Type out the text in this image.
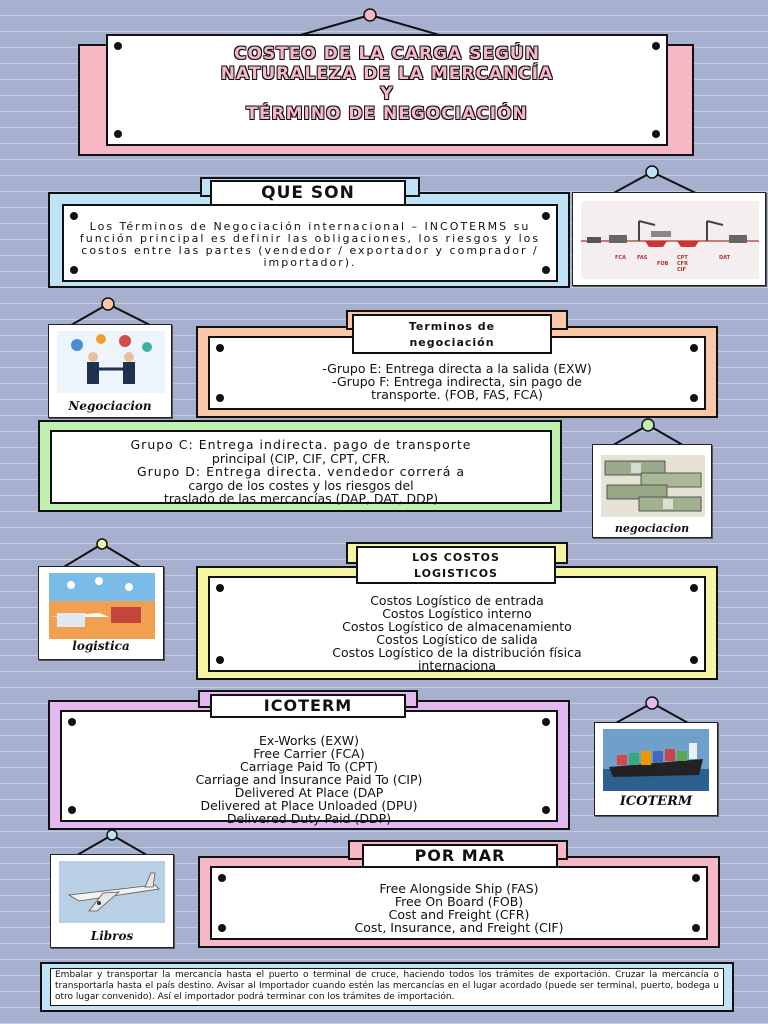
COSTEO DE LA CARGA SEGÚN
NATURALEZA DE LA MERCANCÍA
Y
TÉRMINO DE NEGOCIACIÓN
Los Términos de Negociación internacional – INCOTERMS su función principal es definir las obligaciones, los riesgos y los costos entre las partes (vendedor / exportador y comprador / importador).
QUE SON
FCA FAS
FOB
CPT
CFR
CIF
DAT
Negociacion
-Grupo E: Entrega directa a la salida (EXW)
-Grupo F: Entrega indirecta, sin pago de
transporte. (FOB, FAS, FCA)
Terminos de
negociación
Grupo C: Entrega indirecta. pago de transporte
principal (CIP, CIF, CPT, CFR.
Grupo D: Entrega directa. vendedor correrá a
cargo de los costes y los riesgos del
traslado de las mercancías (DAP, DAT, DDP)
negociacion
logistica
Costos Logístico de entrada
Costos Logístico interno
Costos Logístico de almacenamiento
Costos Logístico de salida
Costos Logístico de la distribución física
internaciona
LOS COSTOS
LOGISTICOS
Ex-Works (EXW)
Free Carrier (FCA)
Carriage Paid To (CPT)
Carriage and Insurance Paid To (CIP)
Delivered At Place (DAP
Delivered at Place Unloaded (DPU)
Delivered Duty Paid (DDP)
ICOTERM
ICOTERM
Libros
Free Alongside Ship (FAS)
Free On Board (FOB)
Cost and Freight (CFR)
Cost, Insurance, and Freight (CIF)
POR MAR
Embalar y transportar la mercancía hasta el puerto o terminal de cruce, haciendo todos los trámites de exportación. Cruzar la mercancía o transportarla hasta el país destino. Avisar al Importador cuando estén las mercancías en el lugar acordado (puede ser terminal, puerto, bodega u otro lugar convenido). Así el importador podrá terminar con los trámites de importación.
